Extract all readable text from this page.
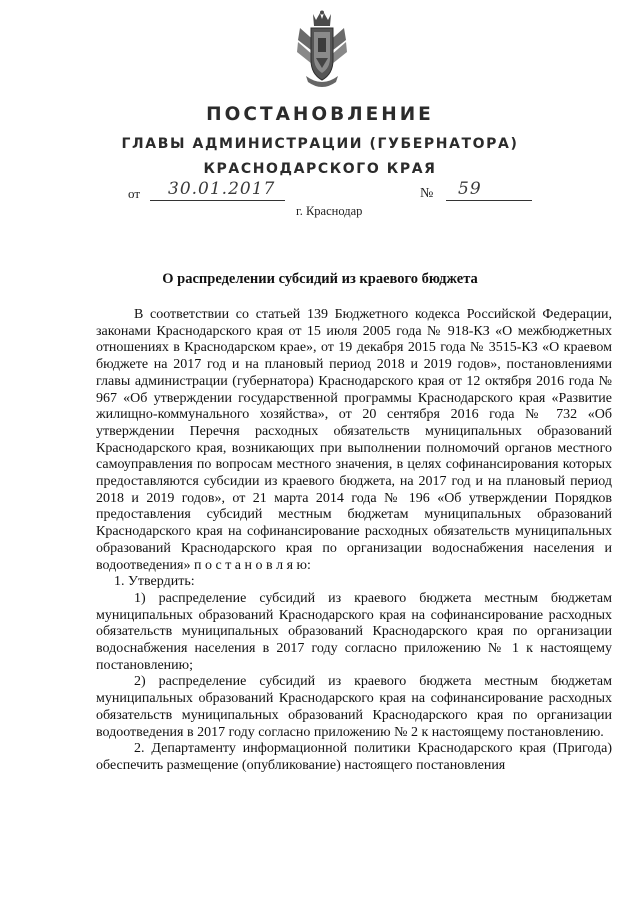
ПОСТАНОВЛЕНИЕ
ГЛАВЫ АДМИНИСТРАЦИИ (ГУБЕРНАТОРА)
КРАСНОДАРСКОГО КРАЯ
от 30.01.2017	№ 59
г. Краснодар
О распределении субсидий из краевого бюджета

В соответствии со статьей 139 Бюджетного кодекса Российской Федерации, законами Краснодарского края от 15 июля 2005 года № 918-КЗ «О межбюджетных отношениях в Краснодарском крае», от 19 декабря 2015 года № 3515-КЗ «О краевом бюджете на 2017 год и на плановый период 2018 и 2019 годов», постановлениями главы администрации (губернатора) Краснодарского края от 12 октября 2016 года № 967 «Об утверждении государственной программы Краснодарского края «Развитие жилищно-коммунального хозяйства», от 20 сентября 2016 года № 732 «Об утверждении Перечня расходных обязательств муниципальных образований Краснодарского края, возникающих при выполнении полномочий органов местного самоуправления по вопросам местного значения, в целях софинансирования которых предоставляются субсидии из краевого бюджета, на 2017 год и на плановый период 2018 и 2019 годов», от 21 марта 2014 года № 196 «Об утверждении Порядков предоставления субсидий местным бюджетам муниципальных образований Краснодарского края на софинансирование расходных обязательств муниципальных образований Краснодарского края по организации водоснабжения населения и водоотведения» п о с т а н о в л я ю:

1. Утвердить:

1) распределение субсидий из краевого бюджета местным бюджетам муниципальных образований Краснодарского края на софинансирование расходных обязательств муниципальных образований Краснодарского края по организации водоснабжения населения в 2017 году согласно приложению № 1 к настоящему постановлению;

2) распределение субсидий из краевого бюджета местным бюджетам муниципальных образований Краснодарского края на софинансирование расходных обязательств муниципальных образований Краснодарского края по организации водоотведения в 2017 году согласно приложению № 2 к настоящему постановлению.

2. Департаменту информационной политики Краснодарского края (Пригода) обеспечить размещение (опубликование) настоящего постановления
